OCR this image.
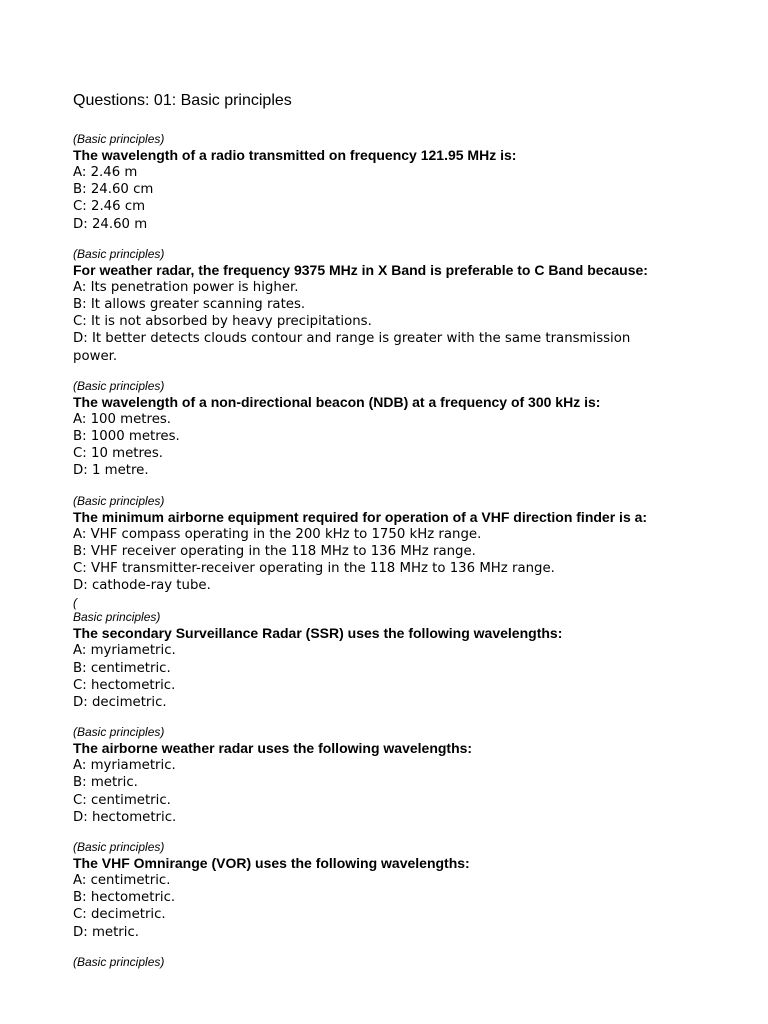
Questions: 01: Basic principles
(Basic principles)
The wavelength of a radio transmitted on frequency 121.95 MHz is:
A: 2.46 m
B: 24.60 cm
C: 2.46 cm
D: 24.60 m
(Basic principles)
For weather radar, the frequency 9375 MHz in X Band is preferable to C Band because:
A: Its penetration power is higher.
B: It allows greater scanning rates.
C: It is not absorbed by heavy precipitations.
D: It better detects clouds contour and range is greater with the same transmission power.
(Basic principles)
The wavelength of a non-directional beacon (NDB) at a frequency of 300 kHz is:
A: 100 metres.
B: 1000 metres.
C: 10 metres.
D: 1 metre.
(Basic principles)
The minimum airborne equipment required for operation of a VHF direction finder is a:
A: VHF compass operating in the 200 kHz to 1750 kHz range.
B: VHF receiver operating in the 118 MHz to 136 MHz range.
C: VHF transmitter-receiver operating in the 118 MHz to 136 MHz range.
D: cathode-ray tube.
(
Basic principles)
The secondary Surveillance Radar (SSR) uses the following wavelengths:
A: myriametric.
B: centimetric.
C: hectometric.
D: decimetric.
(Basic principles)
The airborne weather radar uses the following wavelengths:
A: myriametric.
B: metric.
C: centimetric.
D: hectometric.
(Basic principles)
The VHF Omnirange (VOR) uses the following wavelengths:
A: centimetric.
B: hectometric.
C: decimetric.
D: metric.
(Basic principles)
